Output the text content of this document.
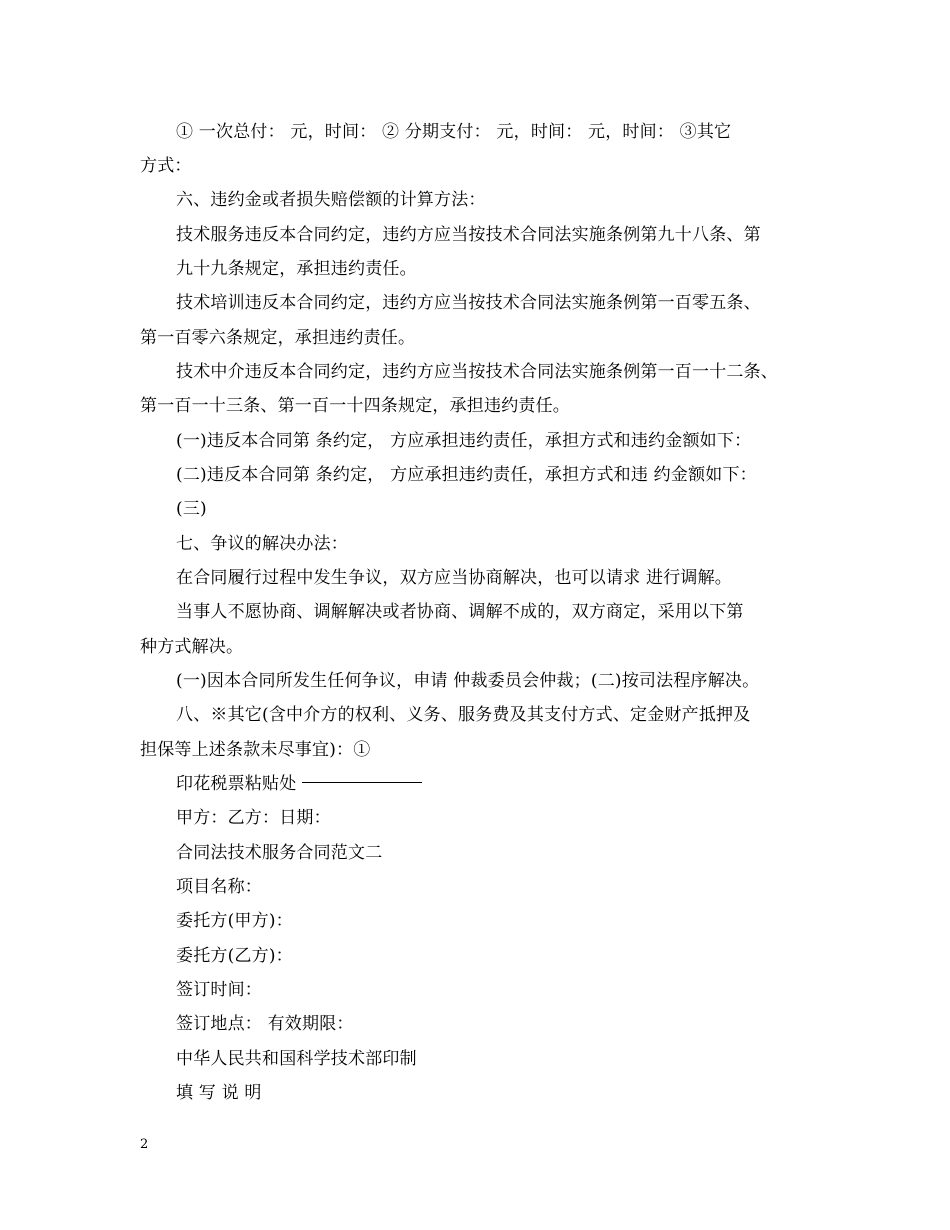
① 一次总付： 元，时间： ② 分期支付： 元，时间： 元，时间： ③其它
方式：
六、违约金或者损失赔偿额的计算方法：
技术服务违反本合同约定，违约方应当按技术合同法实施条例第九十八条、第
九十九条规定，承担违约责任。
技术培训违反本合同约定，违约方应当按技术合同法实施条例第一百零五条、
第一百零六条规定，承担违约责任。
技术中介违反本合同约定，违约方应当按技术合同法实施条例第一百一十二条、
第一百一十三条、第一百一十四条规定，承担违约责任。
(一)违反本合同第 条约定， 方应承担违约责任，承担方式和违约金额如下：
(二)违反本合同第 条约定， 方应承担违约责任，承担方式和违 约金额如下：
(三)
七、争议的解决办法：
在合同履行过程中发生争议，双方应当协商解决，也可以请求 进行调解。
当事人不愿协商、调解解决或者协商、调解不成的，双方商定，采用以下第
种方式解决。
(一)因本合同所发生任何争议，申请 仲裁委员会仲裁；(二)按司法程序解决。
八、※其它(含中介方的权利、义务、服务费及其支付方式、定金财产抵押及
担保等上述条款未尽事宜)：①
印花税票粘贴处
甲方：乙方：日期：
合同法技术服务合同范文二
项目名称：
委托方(甲方)：
委托方(乙方)：
签订时间：
签订地点： 有效期限：
中华人民共和国科学技术部印制
填 写 说 明
2
